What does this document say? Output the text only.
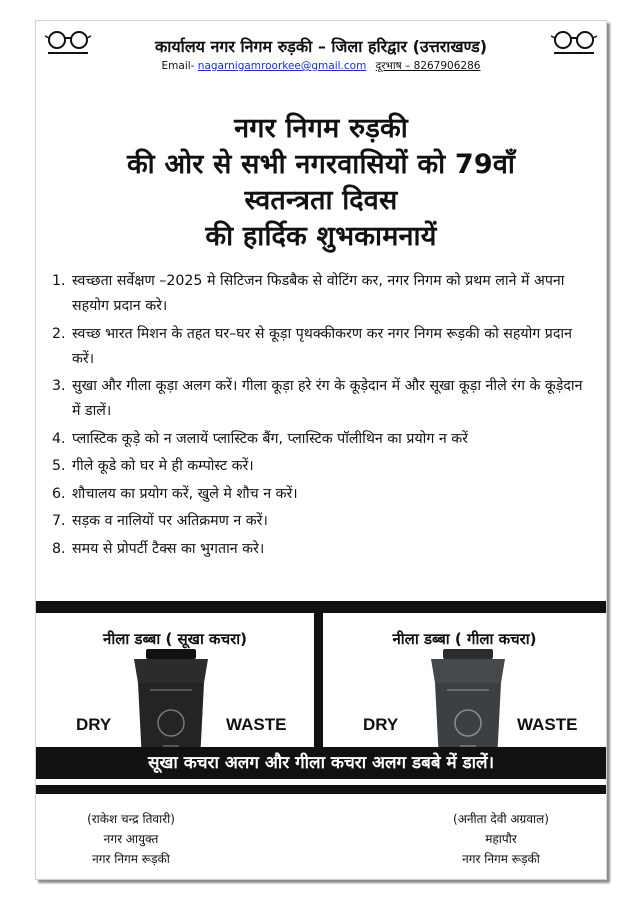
कार्यालय नगर निगम रुड़की – जिला हरिद्वार (उत्तराखण्ड)
Email- nagarnigamroorkee@gmail.com दूरभाष – 8267906286
नगर निगम रुड़की
की ओर से सभी नगरवासियों को 79वॉं
स्वतन्त्रता दिवस
की हार्दिक शुभकामनायें
1. स्वच्छता सर्वेक्षण –2025 मे सिटिजन फिडबैक से वोटिंग कर, नगर निगम को प्रथम लाने में अपना सहयोग प्रदान करे।
2. स्वच्छ भारत मिशन के तहत घर–घर से कूड़ा पृथक्कीकरण कर नगर निगम रूड़की को सहयोग प्रदान करें।
3. सुखा और गीला कूड़ा अलग करें। गीला कूड़ा हरे रंग के कूड़ेदान में और सूखा कूड़ा नीले रंग के कूड़ेदान में डालें।
4. प्लास्टिक कूड़े को न जलायें प्लास्टिक बैंग, प्लास्टिक पॉलीथिन का प्रयोग न करें
5. गीले कूडे को घर मे ही कम्पोस्ट करें।
6. शौचालय का प्रयोग करें, खुले मे शौच न करें।
7. सड़क व नालियों पर अतिक्रमण न करें।
8. समय से प्रोपर्टी टैक्स का भुगतान करे।
नीला डब्बा ( सूखा कचरा)
DRY	WASTE
नीला डब्बा ( गीला कचरा)
DRY	WASTE
सूखा कचरा अलग और गीला कचरा अलग डबबे में डालें।
(राकेश चन्द्र तिवारी)
नगर आयुक्त
नगर निगम रूड़की
(अनीता देवी अग्रवाल)
महापौर
नगर निगम रूड़की
